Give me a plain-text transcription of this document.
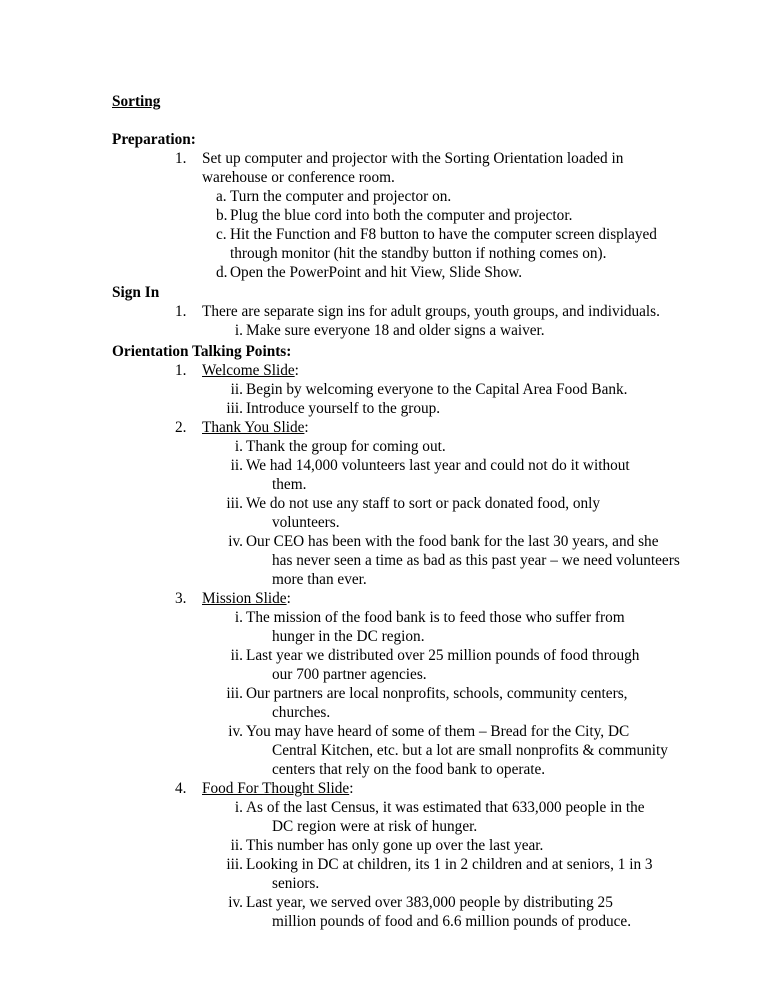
Sorting
Preparation:
Sign In
Orientation Talking Points:
1. Set up computer and projector with the Sorting Orientation loaded in
warehouse or conference room.
a. Turn the computer and projector on.
b. Plug the blue cord into both the computer and projector.
c. Hit the Function and F8 button to have the computer screen displayed
through monitor (hit the standby button if nothing comes on).
d. Open the PowerPoint and hit View, Slide Show.
1. There are separate sign ins for adult groups, youth groups, and individuals.
i. Make sure everyone 18 and older signs a waiver.
1. Welcome Slide:
ii. Begin by welcoming everyone to the Capital Area Food Bank.
iii. Introduce yourself to the group.
2. Thank You Slide:
i. Thank the group for coming out.
ii. We had 14,000 volunteers last year and could not do it without
them.
iii. We do not use any staff to sort or pack donated food, only
volunteers.
iv. Our CEO has been with the food bank for the last 30 years, and she
has never seen a time as bad as this past year – we need volunteers
more than ever.
3. Mission Slide:
i. The mission of the food bank is to feed those who suffer from
hunger in the DC region.
ii. Last year we distributed over 25 million pounds of food through
our 700 partner agencies.
iii. Our partners are local nonprofits, schools, community centers,
churches.
iv. You may have heard of some of them – Bread for the City, DC
Central Kitchen, etc. but a lot are small nonprofits & community
centers that rely on the food bank to operate.
4. Food For Thought Slide:
i. As of the last Census, it was estimated that 633,000 people in the
DC region were at risk of hunger.
ii. This number has only gone up over the last year.
iii. Looking in DC at children, its 1 in 2 children and at seniors, 1 in 3
seniors.
iv. Last year, we served over 383,000 people by distributing 25
million pounds of food and 6.6 million pounds of produce.
